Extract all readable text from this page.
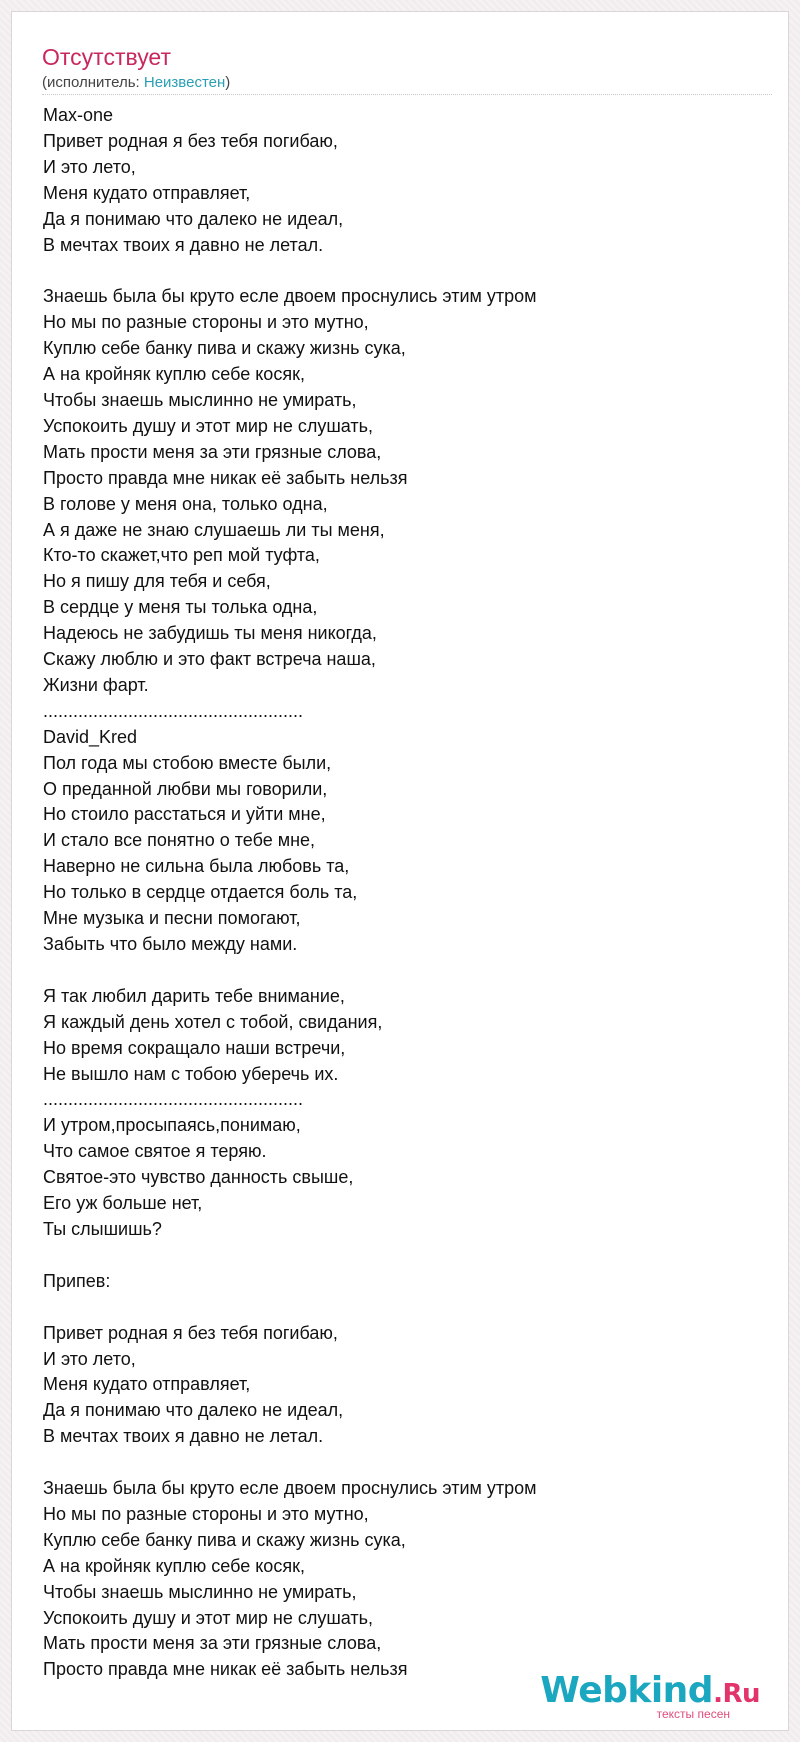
Отсутствует
(исполнитель: Неизвестен)
Max-one
Привет родная я без тебя погибаю,
И это лето,
Меня кудато отправляет,
Да я понимаю что далеко не идеал,
В мечтах твоих я давно не летал.

Знаешь была бы круто есле двоем проснулись этим утром
Но мы по разные стороны и это мутно,
Куплю себе банку пива и скажу жизнь сука,
А на кройняк куплю себе косяк,
Чтобы знаешь мыслинно не умирать,
Успокоить душу и этот мир не слушать,
Мать прости меня за эти грязные слова,
Просто правда мне никак её забыть нельзя
В голове у меня она, только одна,
А я даже не знаю слушаешь ли ты меня,
Кто-то скажет,что реп мой туфта,
Но я пишу для тебя и себя,
В сердце у меня ты толька одна,
Надеюсь не забудишь ты меня никогда,
Скажу люблю и это факт встреча наша,
Жизни фарт.
....................................................
David_Kred
Пол года мы стобою вместе были,
О преданной любви мы говорили,
Но стоило расстаться и уйти мне,
И стало все понятно о тебе мне,
Наверно не сильна была любовь та,
Но только в сердце отдается боль та,
Мне музыка и песни помогают,
Забыть что было между нами.

Я так любил дарить тебе внимание,
Я каждый день хотел с тобой, свидания,
Но время сокращало наши встречи,
Не вышло нам с тобою уберечь их.
....................................................
И утром,просыпаясь,понимаю,
Что самое святое я теряю.
Святое-это чувство данность свыше,
Его уж больше нет,
Ты слышишь?

Припев:

Привет родная я без тебя погибаю,
И это лето,
Меня кудато отправляет,
Да я понимаю что далеко не идеал,
В мечтах твоих я давно не летал.

Знаешь была бы круто есле двоем проснулись этим утром
Но мы по разные стороны и это мутно,
Куплю себе банку пива и скажу жизнь сука,
А на кройняк куплю себе косяк,
Чтобы знаешь мыслинно не умирать,
Успокоить душу и этот мир не слушать,
Мать прости меня за эти грязные слова,
Просто правда мне никак её забыть нельзя
Webkind.Ru
тексты песен
